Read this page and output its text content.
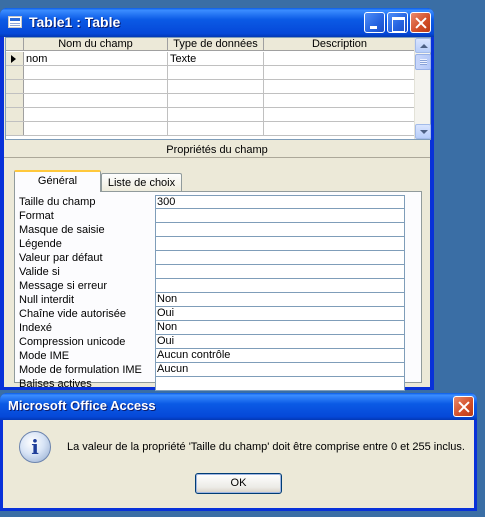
Table1 : Table
Nom du champ	Type de données	Description
nom	Texte
Propriétés du champ
Général	Liste de choix
Taille du champ	300
Format
Masque de saisie
Légende
Valeur par défaut
Valide si
Message si erreur
Null interdit	Non
Chaîne vide autorisée	Oui
Indexé	Non
Compression unicode	Oui
Mode IME	Aucun contrôle
Mode de formulation IME	Aucun
Balises actives
Microsoft Office Access
i
La valeur de la propriété 'Taille du champ' doit être comprise entre 0 et 255 inclus.
OK
